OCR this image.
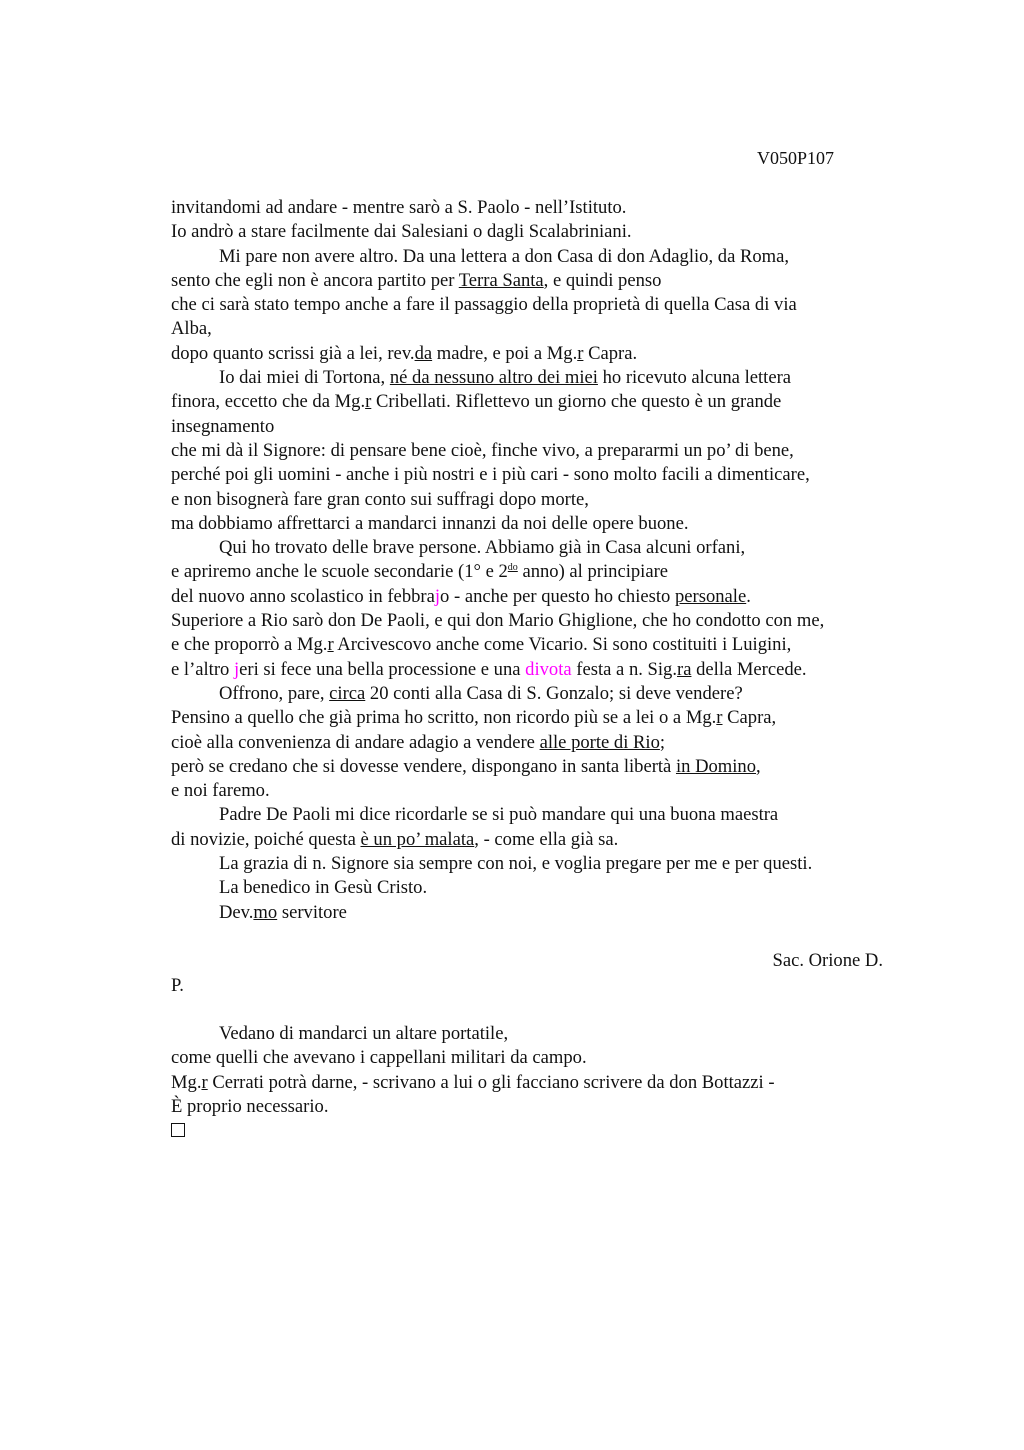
V050P107
invitandomi ad andare - mentre sarò a S. Paolo - nell’Istituto.
Io andrò a stare facilmente dai Salesiani o dagli Scalabriniani.
Mi pare non avere altro. Da una lettera a don Casa di don Adaglio, da Roma,
sento che egli non è ancora partito per Terra Santa, e quindi penso
che ci sarà stato tempo anche a fare il passaggio della proprietà di quella Casa di via
Alba,
dopo quanto scrissi già a lei, rev.da madre, e poi a Mg.r Capra.
Io dai miei di Tortona, né da nessuno altro dei miei ho ricevuto alcuna lettera
finora, eccetto che da Mg.r Cribellati. Riflettevo un giorno che questo è un grande
insegnamento
che mi dà il Signore: di pensare bene cioè, finche vivo, a prepararmi un po’ di bene,
perché poi gli uomini - anche i più nostri e i più cari - sono molto facili a dimenticare,
e non bisognerà fare gran conto sui suffragi dopo morte,
ma dobbiamo affrettarci a mandarci innanzi da noi delle opere buone.
Qui ho trovato delle brave persone. Abbiamo già in Casa alcuni orfani,
e apriremo anche le scuole secondarie (1° e $2^{do}$ anno) al principiare
del nuovo anno scolastico in febbrajo - anche per questo ho chiesto personale.
Superiore a Rio sarò don De Paoli, e qui don Mario Ghiglione, che ho condotto con me,
e che proporrò a Mg.r Arcivescovo anche come Vicario. Si sono costituiti i Luigini,
e l’altro jeri si fece una bella processione e una divota festa a n. Sig.ra della Mercede.
Offrono, pare, circa 20 conti alla Casa di S. Gonzalo; si deve vendere?
Pensino a quello che già prima ho scritto, non ricordo più se a lei o a Mg.r Capra,
cioè alla convenienza di andare adagio a vendere alle porte di Rio;
però se credano che si dovesse vendere, dispongano in santa libertà in Domino,
e noi faremo.
Padre De Paoli mi dice ricordarle se si può mandare qui una buona maestra
di novizie, poiché questa è un po’ malata, - come ella già sa.
La grazia di n. Signore sia sempre con noi, e voglia pregare per me e per questi.
La benedico in Gesù Cristo.
Dev.mo servitore
Sac. Orione D.
P.
Vedano di mandarci un altare portatile,
come quelli che avevano i cappellani militari da campo.
Mg.r Cerrati potrà darne, - scrivano a lui o gli facciano scrivere da don Bottazzi -
È proprio necessario.
